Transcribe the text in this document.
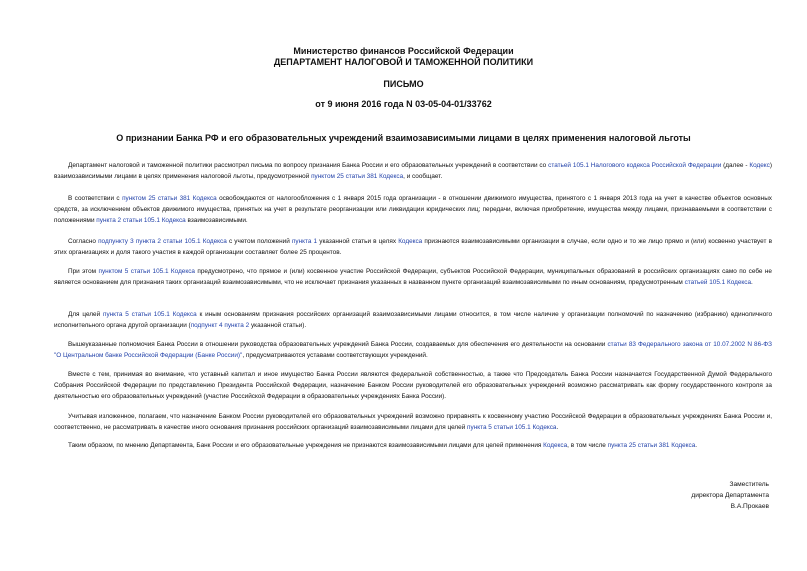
Министерство финансов Российской Федерации
ДЕПАРТАМЕНТ НАЛОГОВОЙ И ТАМОЖЕННОЙ ПОЛИТИКИ
ПИСЬМО
от 9 июня 2016 года N 03-05-04-01/33762
О признании Банка РФ и его образовательных учреждений взаимозависимыми лицами в целях применения налоговой льготы

Департамент налоговой и таможенной политики рассмотрел письма по вопросу признания Банка России и его образовательных учреждений в соответствии со статьей 105.1 Налогового кодекса Российской Федерации (далее - Кодекс) взаимозависимыми лицами в целях применения налоговой льготы, предусмотренной пунктом 25 статьи 381 Кодекса, и сообщает.

В соответствии с пунктом 25 статьи 381 Кодекса освобождаются от налогообложения с 1 января 2015 года организации - в отношении движимого имущества, принятого с 1 января 2013 года на учет в качестве объектов основных средств, за исключением объектов движимого имущества, принятых на учет в результате реорганизации или ликвидации юридических лиц; передачи, включая приобретение, имущества между лицами, признаваемыми в соответствии с положениями пункта 2 статьи 105.1 Кодекса взаимозависимыми.

Согласно подпункту 3 пункта 2 статьи 105.1 Кодекса с учетом положений пункта 1 указанной статьи в целях Кодекса признаются взаимозависимыми организации в случае, если одно и то же лицо прямо и (или) косвенно участвует в этих организациях и доля такого участия в каждой организации составляет более 25 процентов.

При этом пунктом 5 статьи 105.1 Кодекса предусмотрено, что прямое и (или) косвенное участие Российской Федерации, субъектов Российской Федерации, муниципальных образований в российских организациях само по себе не является основанием для признания таких организаций взаимозависимыми, что не исключает признания указанных в названном пункте организаций взаимозависимыми по иным основаниям, предусмотренным статьей 105.1 Кодекса.

Для целей пункта 5 статьи 105.1 Кодекса к иным основаниям признания российских организаций взаимозависимыми лицами относится, в том числе наличие у организации полномочий по назначению (избранию) единоличного исполнительного органа другой организации (подпункт 4 пункта 2 указанной статьи).

Вышеуказанные полномочия Банка России в отношении руководства образовательных учреждений Банка России, создаваемых для обеспечения его деятельности на основании статьи 83 Федерального закона от 10.07.2002 N 86-ФЗ "О Центральном банке Российской Федерации (Банке России)", предусматриваются уставами соответствующих учреждений.

Вместе с тем, принимая во внимание, что уставный капитал и иное имущество Банка России являются федеральной собственностью, а также что Председатель Банка России назначается Государственной Думой Федерального Собрания Российской Федерации по представлению Президента Российской Федерации, назначение Банком России руководителей его образовательных учреждений возможно рассматривать как форму государственного контроля за деятельностью его образовательных учреждений (участие Российской Федерации в образовательных учреждениях Банка России).

Учитывая изложенное, полагаем, что назначение Банком России руководителей его образовательных учреждений возможно приравнять к косвенному участию Российской Федерации в образовательных учреждениях Банка России и, соответственно, не рассматривать в качестве иного основания признания российских организаций взаимозависимыми лицами для целей пункта 5 статьи 105.1 Кодекса.

Таким образом, по мнению Департамента, Банк России и его образовательные учреждения не признаются взаимозависимыми лицами для целей применения Кодекса, в том числе пункта 25 статьи 381 Кодекса.

Заместитель
директора Департамента
В.А.Прокаев
